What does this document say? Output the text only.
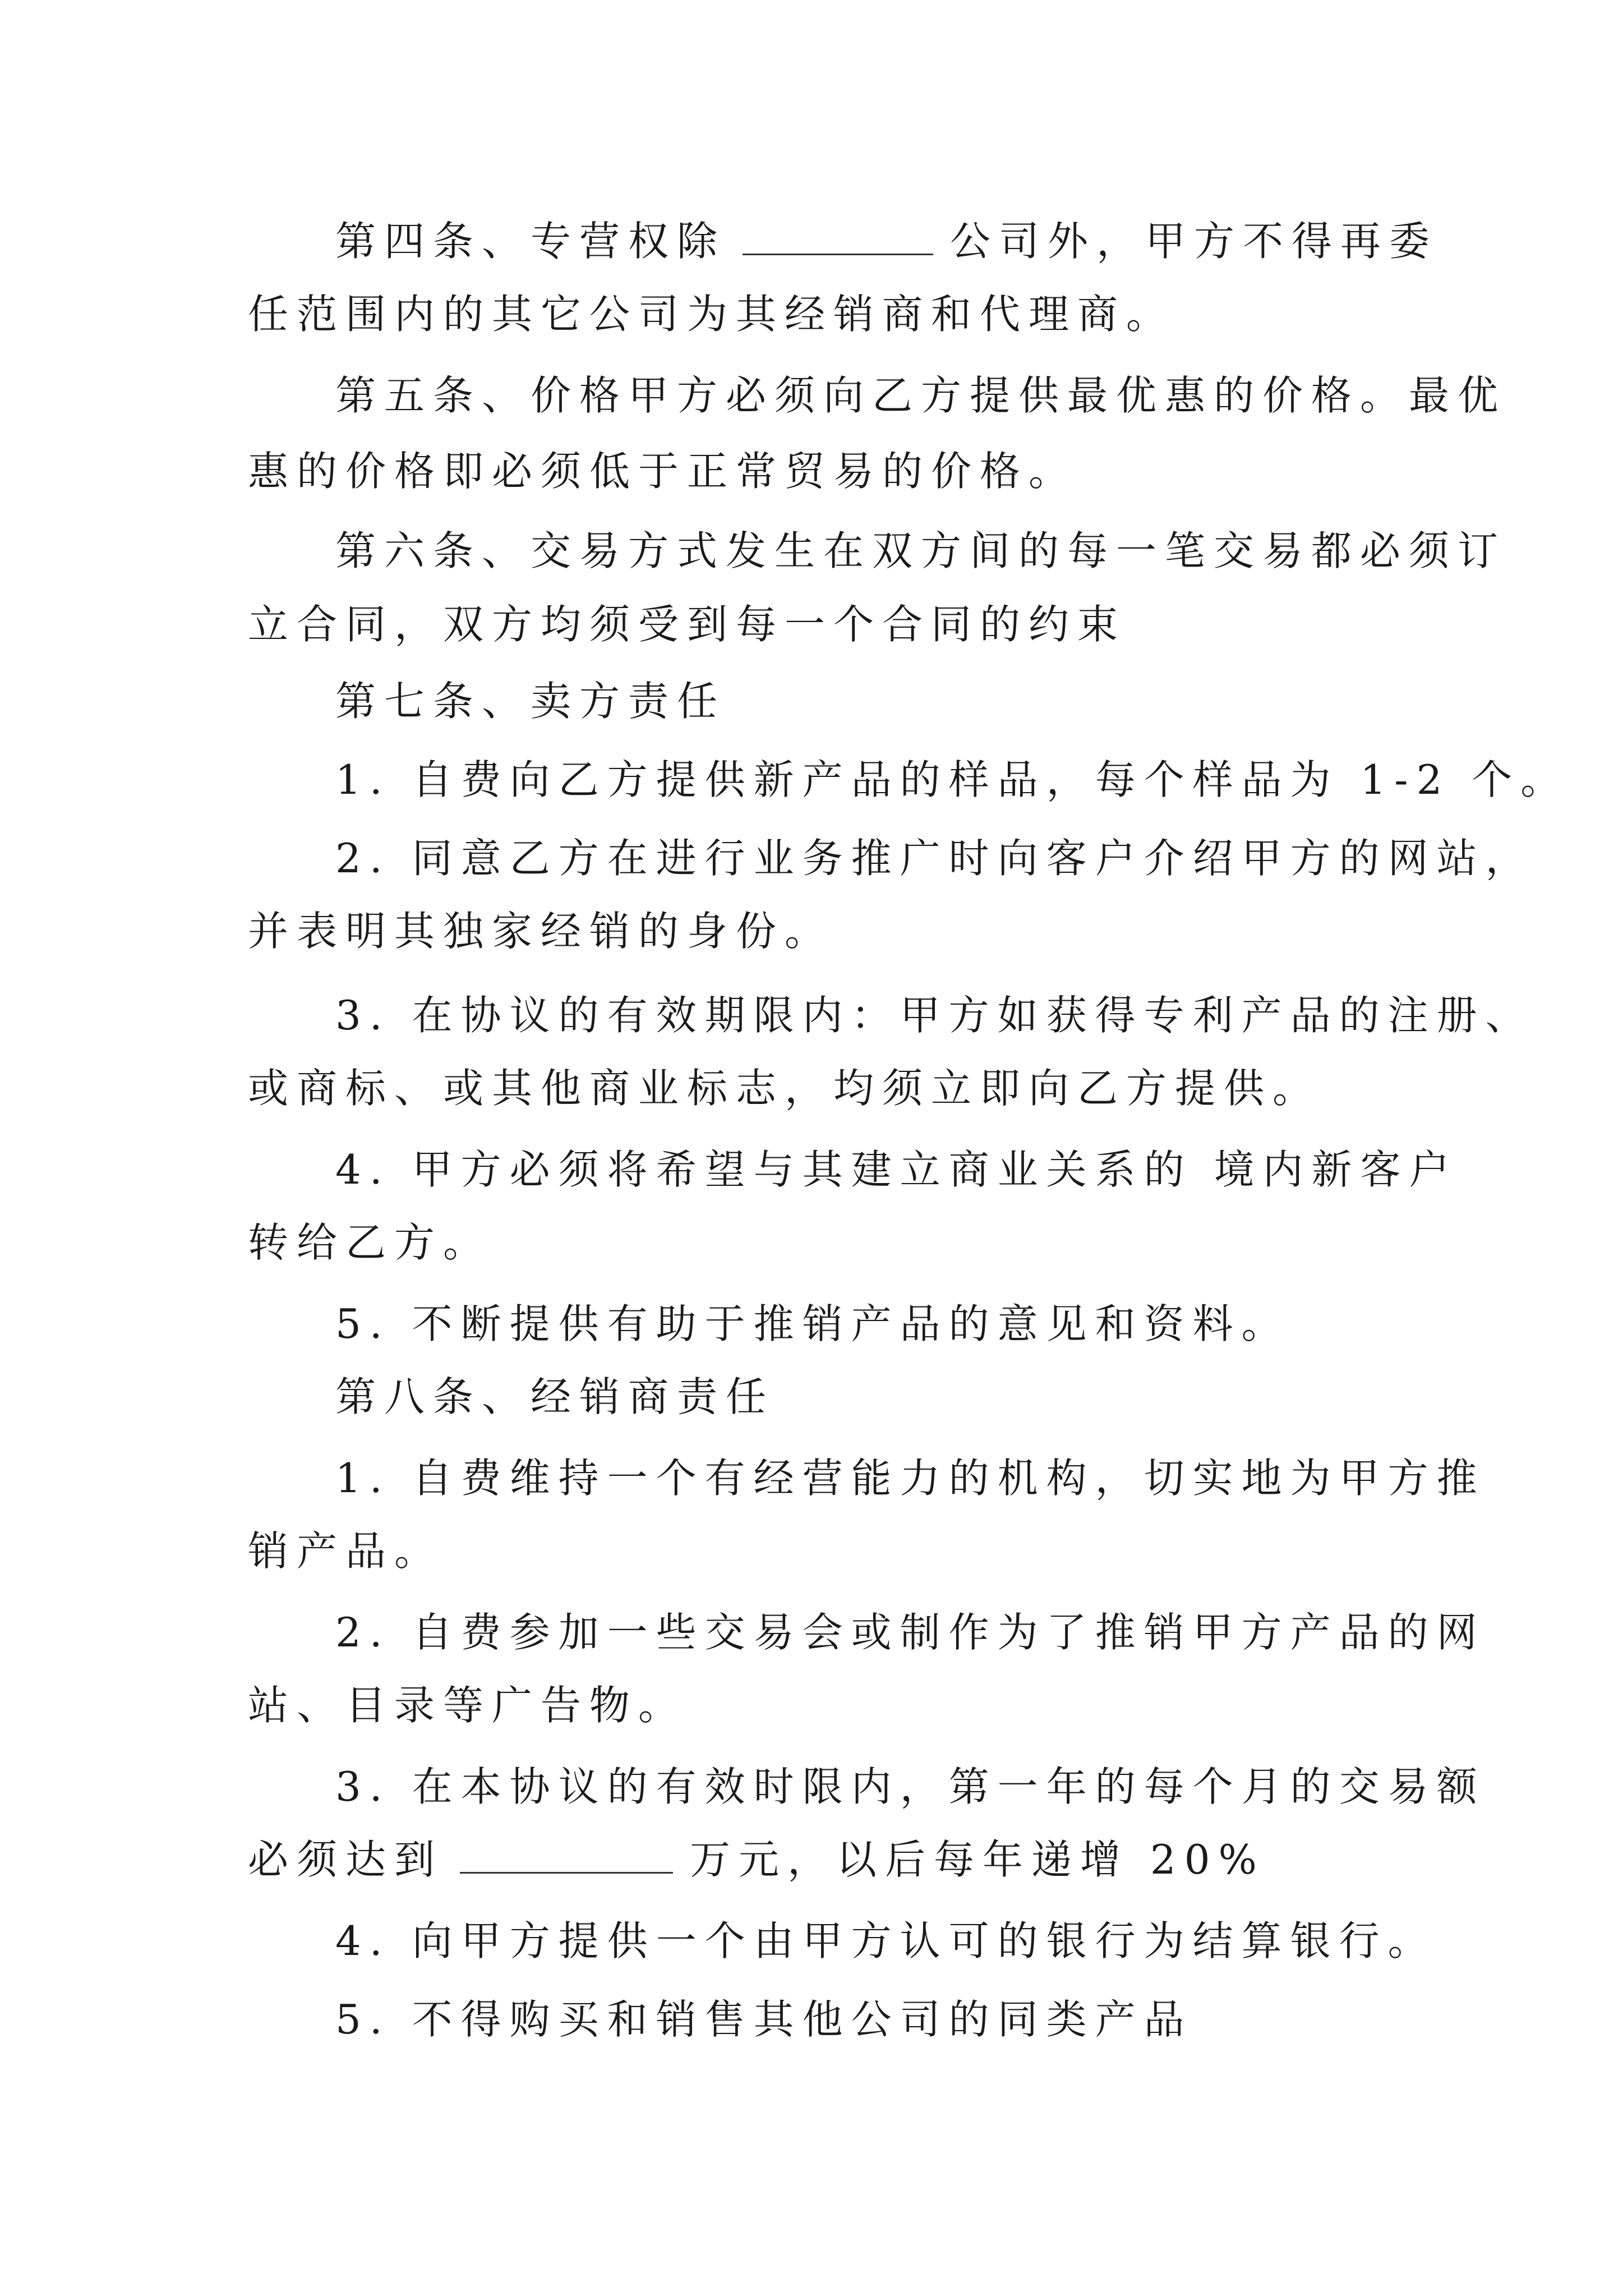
第四条、专营权除	公司外，甲方不得再委
任范围内的其它公司为其经销商和代理商。
第五条、价格甲方必须向乙方提供最优惠的价格。最优
惠的价格即必须低于正常贸易的价格。
第六条、交易方式发生在双方间的每一笔交易都必须订
立合同，双方均须受到每一个合同的约束
第七条、卖方责任
1. 自费向乙方提供新产品的样品，每个样品为 1-2 个。
2. 同意乙方在进行业务推广时向客户介绍甲方的网站，
并表明其独家经销的身份。
3. 在协议的有效期限内：甲方如获得专利产品的注册、
或商标、或其他商业标志，均须立即向乙方提供。
4. 甲方必须将希望与其建立商业关系的 境内新客户
转给乙方。
5. 不断提供有助于推销产品的意见和资料。
第八条、经销商责任
1. 自费维持一个有经营能力的机构，切实地为甲方推
销产品。
2. 自费参加一些交易会或制作为了推销甲方产品的网
站、目录等广告物。
3. 在本协议的有效时限内，第一年的每个月的交易额
必须达到	万元，以后每年递增 20%
4. 向甲方提供一个由甲方认可的银行为结算银行。
5. 不得购买和销售其他公司的同类产品
